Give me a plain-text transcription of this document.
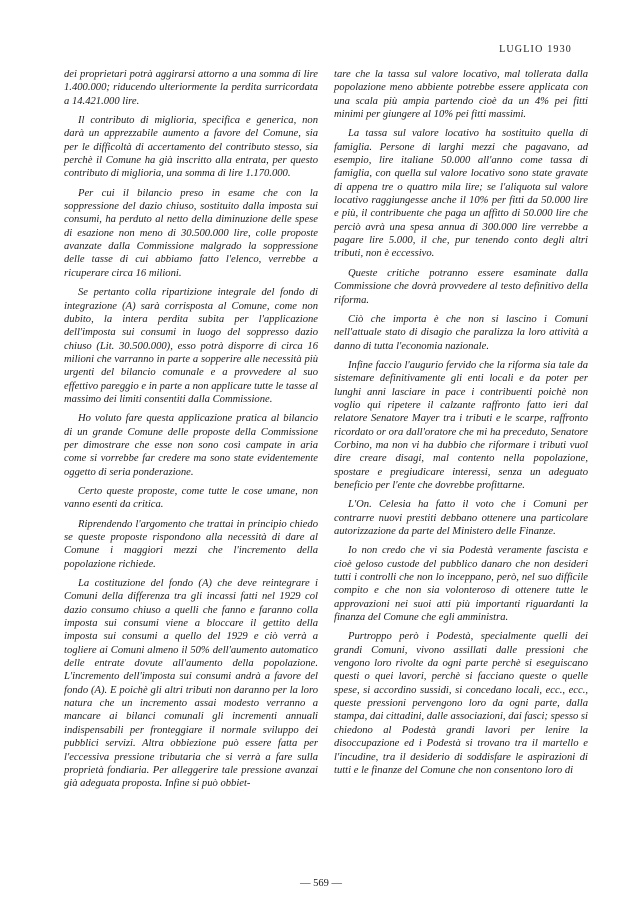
LUGLIO 1930

dei proprietari potrà aggirarsi attorno a una somma di lire 1.400.000; riducendo ulteriormente la perdita surricordata a 14.421.000 lire.

Il contributo di miglioria, specifica e generica, non darà un apprezzabile aumento a favore del Comune, sia per le difficoltà di accertamento del contributo stesso, sia perchè il Comune ha già inscritto alla entrata, per questo contributo di miglioria, una somma di lire 1.170.000.

Per cui il bilancio preso in esame che con la soppressione del dazio chiuso, sostituito dalla imposta sui consumi, ha perduto al netto della diminuzione delle spese di esazione non meno di 30.500.000 lire, colle proposte avanzate dalla Commissione malgrado la soppressione delle tasse di cui abbiamo fatto l'elenco, verrebbe a ricuperare circa 16 milioni.

Se pertanto colla ripartizione integrale del fondo di integrazione (A) sarà corrisposta al Comune, come non dubito, la intera perdita subita per l'applicazione dell'imposta sui consumi in luogo del soppresso dazio chiuso (Lit. 30.500.000), esso potrà disporre di circa 16 milioni che varranno in parte a sopperire alle necessità più urgenti del bilancio comunale e a provvedere al suo effettivo pareggio e in parte a non applicare tutte le tasse al massimo dei limiti consentiti dalla Commissione.

Ho voluto fare questa applicazione pratica al bilancio di un grande Comune delle proposte della Commissione per dimostrare che esse non sono così campate in aria come si vorrebbe far credere ma sono state evidentemente oggetto di seria ponderazione.

Certo queste proposte, come tutte le cose umane, non vanno esenti da critica.

Riprendendo l'argomento che trattai in principio chiedo se queste proposte rispondono alla necessità di dare al Comune i maggiori mezzi che l'incremento della popolazione richiede.

La costituzione del fondo (A) che deve reintegrare i Comuni della differenza tra gli incassi fatti nel 1929 col dazio consumo chiuso a quelli che fanno e faranno colla imposta sui consumi viene a bloccare il gettito della imposta sui consumi a quello del 1929 e ciò verrà a togliere ai Comuni almeno il 50% dell'aumento automatico delle entrate dovute all'aumento della popolazione. L'incremento dell'imposta sui consumi andrà a favore del fondo (A). E poichè gli altri tributi non daranno per la loro natura che un incremento assai modesto verranno a mancare ai bilanci comunali gli incrementi annuali indispensabili per fronteggiare il normale sviluppo dei pubblici servizi. Altra obbiezione può essere fatta per l'eccessiva pressione tributaria che si verrà a fare sulla proprietà fondiaria. Per alleggerire tale pressione avanzai già adeguata proposta. Infine si può obbiet-

tare che la tassa sul valore locativo, mal tollerata dalla popolazione meno abbiente potrebbe essere applicata con una scala più ampia partendo cioè da un 4% pei fitti minimi per giungere al 10% pei fitti massimi.

La tassa sul valore locativo ha sostituito quella di famiglia. Persone di larghi mezzi che pagavano, ad esempio, lire italiane 50.000 all'anno come tassa di famiglia, con quella sul valore locativo sono state gravate di appena tre o quattro mila lire; se l'aliquota sul valore locativo raggiungesse anche il 10% per fitti da 50.000 lire e più, il contribuente che paga un affitto di 50.000 lire che perciò avrà una spesa annua di 300.000 lire verrebbe a pagare lire 5.000, il che, pur tenendo conto degli altri tributi, non è eccessivo.

Queste critiche potranno essere esaminate dalla Commissione che dovrà provvedere al testo definitivo della riforma.

Ciò che importa è che non si lascino i Comuni nell'attuale stato di disagio che paralizza la loro attività a danno di tutta l'economia nazionale.

Infine faccio l'augurio fervido che la riforma sia tale da sistemare definitivamente gli enti locali e da poter per lunghi anni lasciare in pace i contribuenti poichè non voglio qui ripetere il calzante raffronto fatto ieri dal relatore Senatore Mayer tra i tributi e le scarpe, raffronto ricordato or ora dall'oratore che mi ha preceduto, Senatore Corbino, ma non vi ha dubbio che riformare i tributi vuol dire creare disagi, mal contento nella popolazione, spostare e pregiudicare interessi, senza un adeguato beneficio per l'ente che dovrebbe profittarne.

L'On. Celesia ha fatto il voto che i Comuni per contrarre nuovi prestiti debbano ottenere una particolare autorizzazione da parte del Ministero delle Finanze.

Io non credo che vi sia Podestà veramente fascista e cioè geloso custode del pubblico danaro che non desideri tutti i controlli che non lo inceppano, però, nel suo difficile compito e che non sia volonteroso di ottenere tutte le approvazioni nei suoi atti più importanti riguardanti la finanza del Comune che egli amministra.

Purtroppo però i Podestà, specialmente quelli dei grandi Comuni, vivono assillati dalle pressioni che vengono loro rivolte da ogni parte perchè si eseguiscano questi o quei lavori, perchè si facciano queste o quelle spese, si accordino sussidi, si concedano locali, ecc., ecc., queste pressioni pervengono loro da ogni parte, dalla stampa, dai cittadini, dalle associazioni, dai fasci; spesso si chiedono al Podestà grandi lavori per lenire la disoccupazione ed i Podestà si trovano tra il martello e l'incudine, tra il desiderio di soddisfare le aspirazioni di tutti e le finanze del Comune che non consentono loro di

— 569 —
